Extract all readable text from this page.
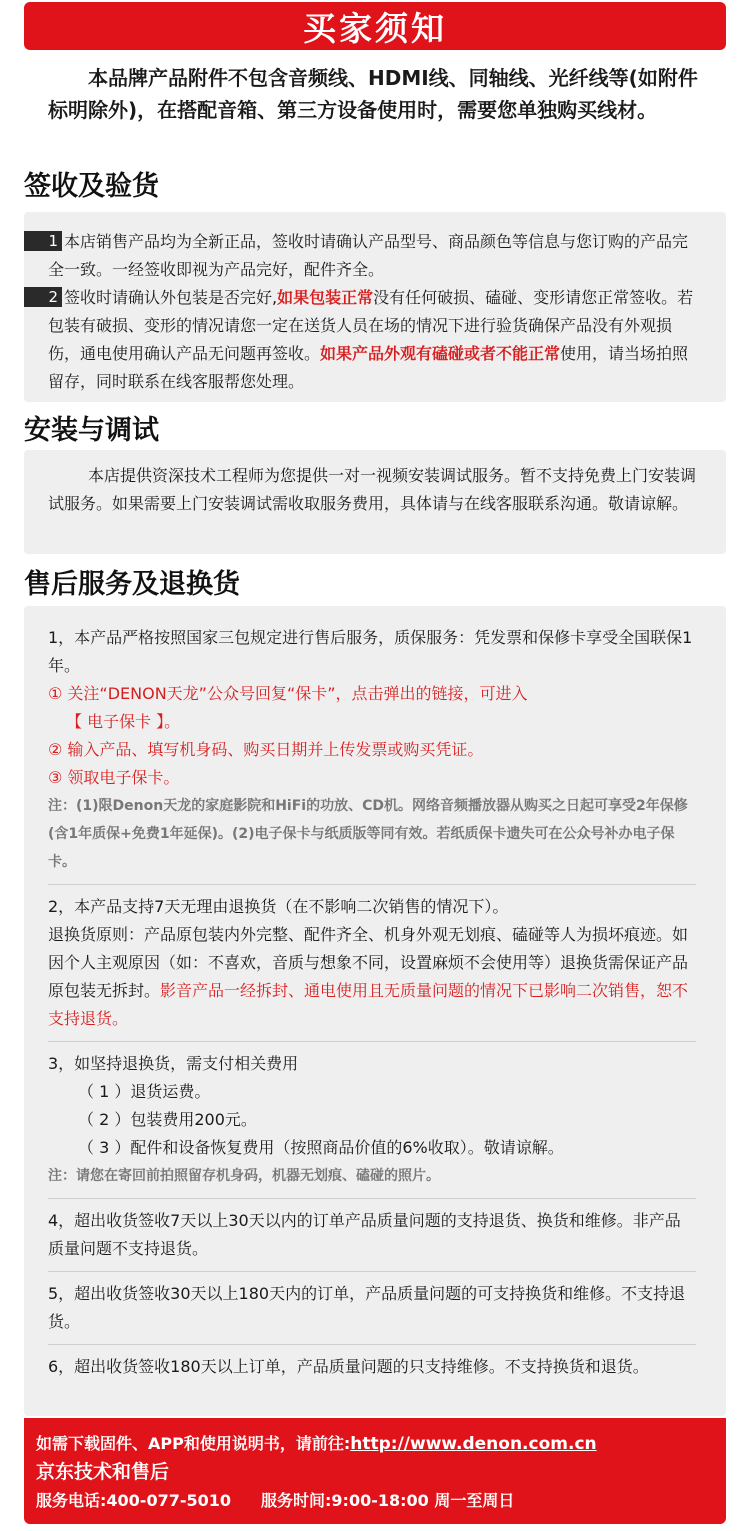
买家须知
本品牌产品附件不包含音频线、HDMI线、同轴线、光纤线等(如附件标明除外)，在搭配音箱、第三方设备使用时，需要您单独购买线材。
签收及验货
1 本店销售产品均为全新正品，签收时请确认产品型号、商品颜色等信息与您订购的产品完全一致。一经签收即视为产品完好，配件齐全。
2 签收时请确认外包装是否完好,如果包装正常没有任何破损、磕碰、变形请您正常签收。若包装有破损、变形的情况请您一定在送货人员在场的情况下进行验货确保产品没有外观损伤，通电使用确认产品无问题再签收。如果产品外观有磕碰或者不能正常使用，请当场拍照留存，同时联系在线客服帮您处理。
安装与调试
本店提供资深技术工程师为您提供一对一视频安装调试服务。暂不支持免费上门安装调试服务。如果需要上门安装调试需收取服务费用，具体请与在线客服联系沟通。敬请谅解。
售后服务及退换货

1，本产品严格按照国家三包规定进行售后服务，质保服务：凭发票和保修卡享受全国联保1年。

① 关注“DENON天龙”公众号回复“保卡”，点击弹出的链接，可进入

【 电子保卡 】。

② 输入产品、填写机身码、购买日期并上传发票或购买凭证。

③ 领取电子保卡。

注：(1)限Denon天龙的家庭影院和HiFi的功放、CD机。网络音频播放器从购买之日起可享受2年保修(含1年质保+免费1年延保)。(2)电子保卡与纸质版等同有效。若纸质保卡遗失可在公众号补办电子保卡。

2，本产品支持7天无理由退换货（在不影响二次销售的情况下）。

退换货原则：产品原包装内外完整、配件齐全、机身外观无划痕、磕碰等人为损坏痕迹。如因个人主观原因（如：不喜欢，音质与想象不同，设置麻烦不会使用等）退换货需保证产品原包装无拆封。影音产品一经拆封、通电使用且无质量问题的情况下已影响二次销售，恕不支持退货。

3，如坚持退换货，需支付相关费用

（ 1 ）退货运费。

（ 2 ）包装费用200元。

（ 3 ）配件和设备恢复费用（按照商品价值的6%收取）。敬请谅解。

注：请您在寄回前拍照留存机身码，机器无划痕、磕碰的照片。

4，超出收货签收7天以上30天以内的订单产品质量问题的支持退货、换货和维修。非产品质量问题不支持退货。

5，超出收货签收30天以上180天内的订单，产品质量问题的可支持换货和维修。不支持退货。

6，超出收货签收180天以上订单，产品质量问题的只支持维修。不支持换货和退货。

如需下载固件、APP和使用说明书，请前往:http://www.denon.com.cn
京东技术和售后
服务电话:400-077-5010 服务时间:9:00-18:00 周一至周日
